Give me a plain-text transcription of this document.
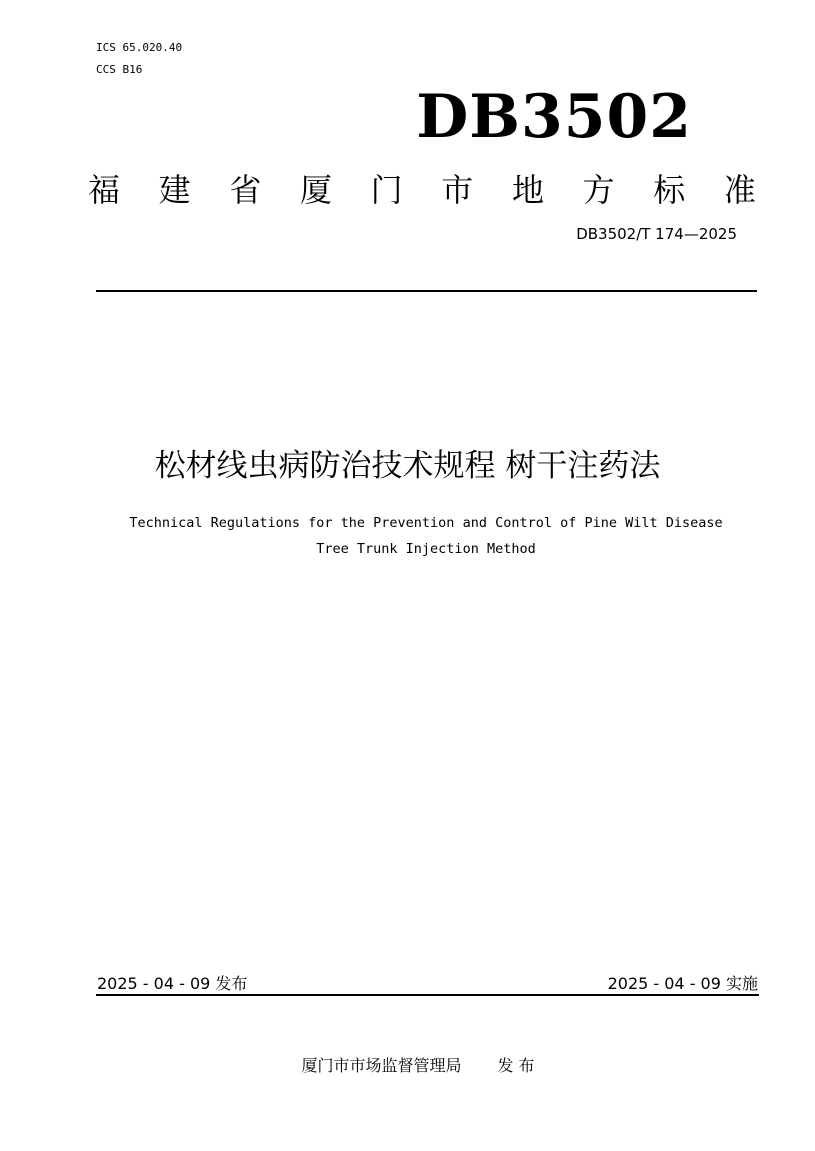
ICS 65.020.40
CCS B16
DB3502
福 建 省 厦 门 市 地 方 标 准
DB3502/T 174—2025
松材线虫病防治技术规程 树干注药法
Technical Regulations for the Prevention and Control of Pine Wilt Disease
Tree Trunk Injection Method
2025 - 04 - 09 发布	2025 - 04 - 09 实施
厦门市市场监督管理局 发 布
